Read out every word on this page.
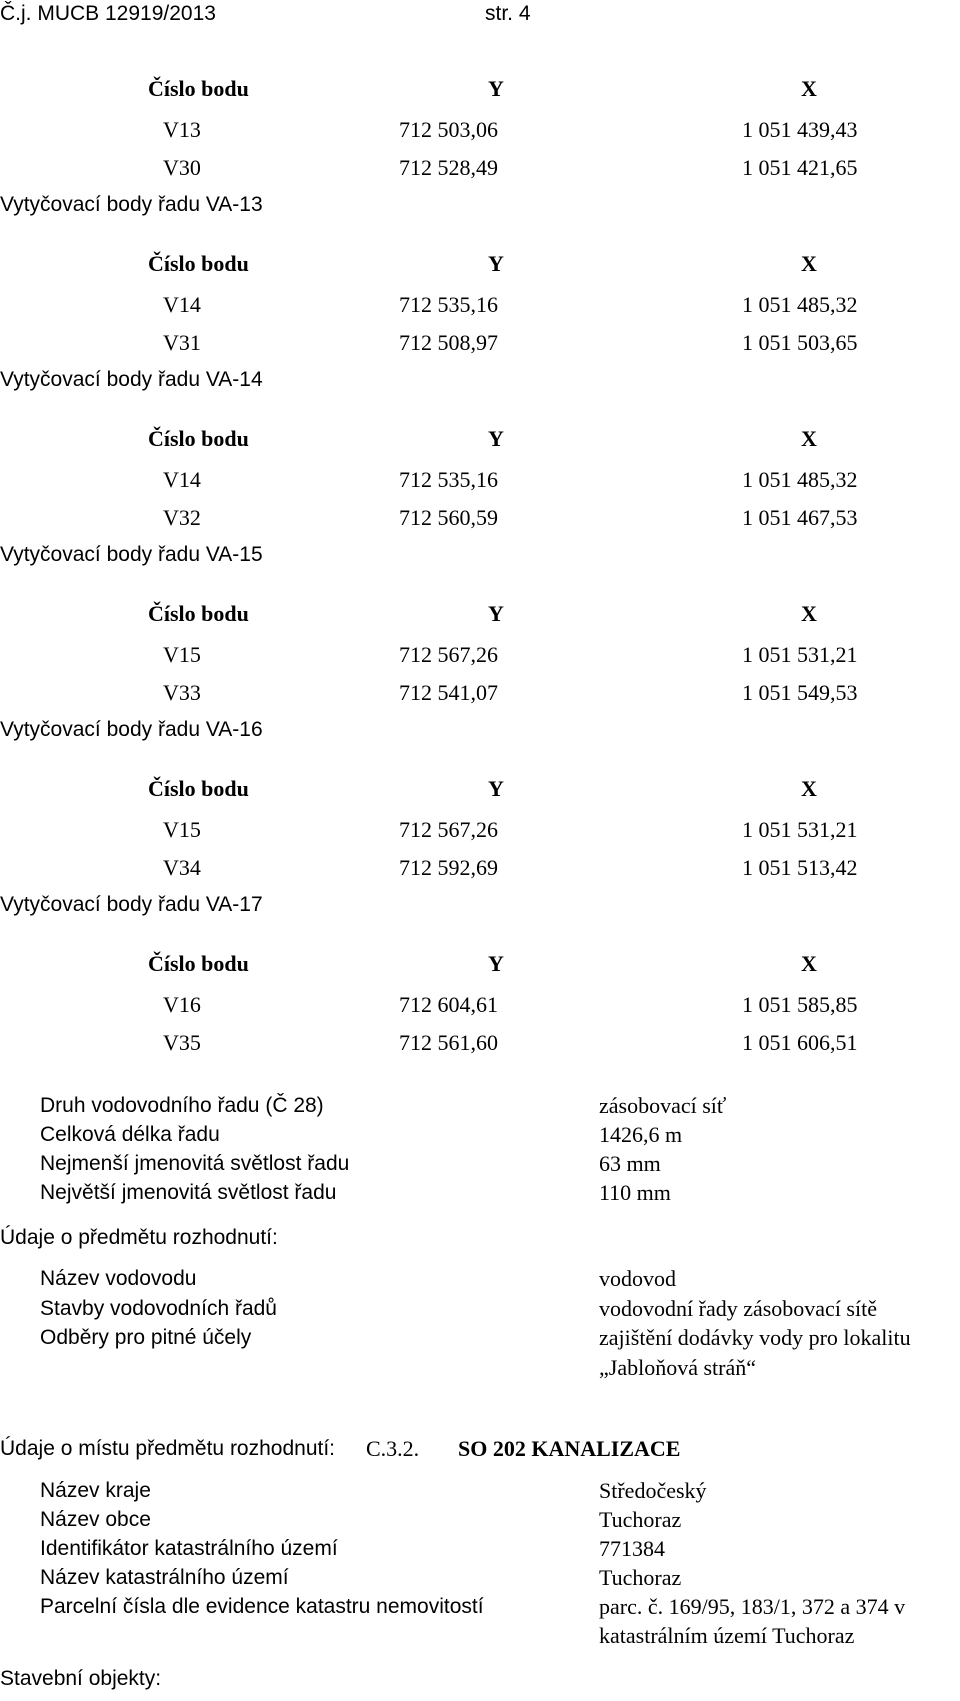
Č.j. MUCB 12919/2013	str. 4
Číslo bodu	Y	X
V13	712 503,06	1 051 439,43
V30	712 528,49	1 051 421,65
Vytyčovací body řadu VA-13
Číslo bodu	Y	X
V14	712 535,16	1 051 485,32
V31	712 508,97	1 051 503,65
Vytyčovací body řadu VA-14
Číslo bodu	Y	X
V14	712 535,16	1 051 485,32
V32	712 560,59	1 051 467,53
Vytyčovací body řadu VA-15
Číslo bodu	Y	X
V15	712 567,26	1 051 531,21
V33	712 541,07	1 051 549,53
Vytyčovací body řadu VA-16
Číslo bodu	Y	X
V15	712 567,26	1 051 531,21
V34	712 592,69	1 051 513,42
Vytyčovací body řadu VA-17
Číslo bodu	Y	X
V16	712 604,61	1 051 585,85
V35	712 561,60	1 051 606,51
Druh vodovodního řadu (Č 28)	zásobovací síť
Celková délka řadu	1426,6 m
Nejmenší jmenovitá světlost řadu	63 mm
Největší jmenovitá světlost řadu	110 mm
Údaje o předmětu rozhodnutí:
Název vodovodu	vodovod
Stavby vodovodních řadů	vodovodní řady zásobovací sítě
Odběry pro pitné účely	zajištění dodávky vody pro lokalitu
„Jabloňová stráň“
Údaje o místu předmětu rozhodnutí: C.3.2. SO 202 KANALIZACE
Název kraje	Středočeský
Název obce	Tuchoraz
Identifikátor katastrálního území	771384
Název katastrálního území	Tuchoraz
Parcelní čísla dle evidence katastru nemovitostí	parc. č. 169/95, 183/1, 372 a 374 v
katastrálním území Tuchoraz
Stavební objekty:
